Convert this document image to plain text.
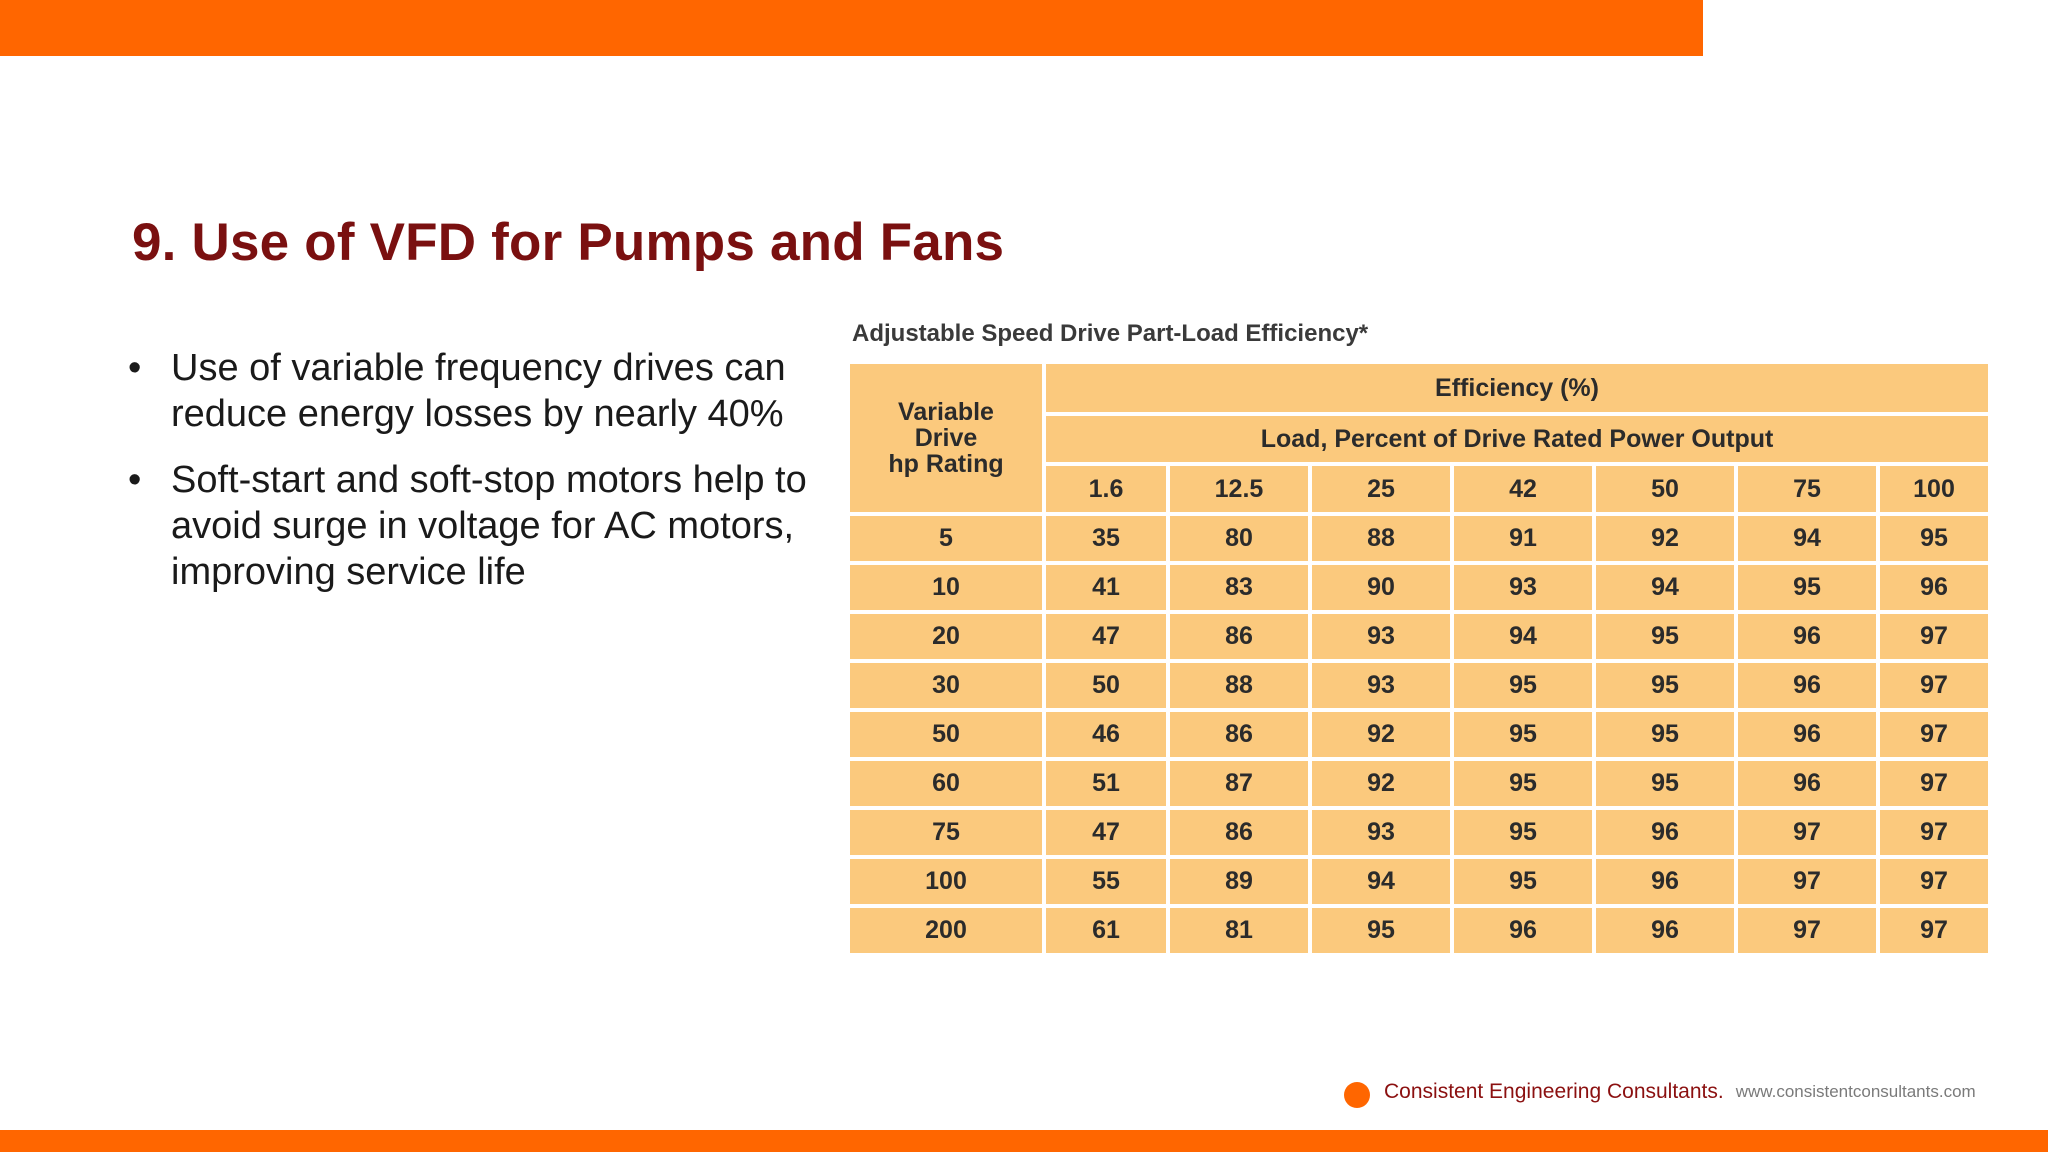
9. Use of VFD for Pumps and Fans
• Use of variable frequency drives can reduce energy losses by nearly 40%
• Soft-start and soft-stop motors help to avoid surge in voltage for AC motors, improving service life
Adjustable Speed Drive Part-Load Efficiency*
Variable
Drive
hp Rating	Efficiency (%)						
	Load, Percent of Drive Rated Power Output						
	1.6	12.5	25	42	50	75	100
5	35	80	88	91	92	94	95
10	41	83	90	93	94	95	96
20	47	86	93	94	95	96	97
30	50	88	93	95	95	96	97
50	46	86	92	95	95	96	97
60	51	87	92	95	95	96	97
75	47	86	93	95	96	97	97
100	55	89	94	95	96	97	97
200	61	81	95	96	96	97	97
Consistent Engineering Consultants. www.consistentconsultants.com
